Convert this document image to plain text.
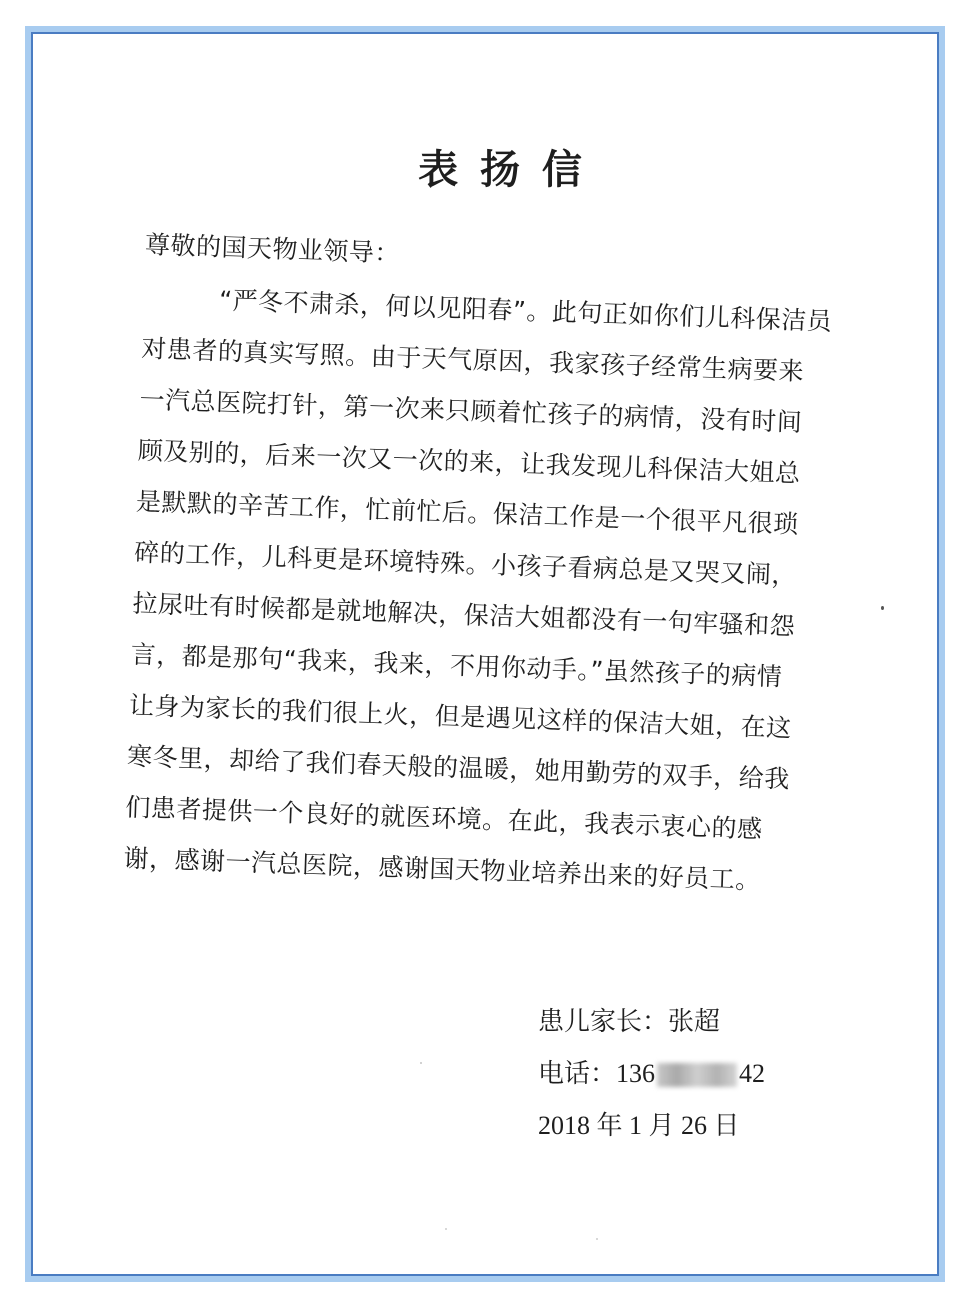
表 扬 信
尊敬的国天物业领导：
“严冬不肃杀，何以见阳春”。此句正如你们儿科保洁员
对患者的真实写照。由于天气原因，我家孩子经常生病要来
一汽总医院打针，第一次来只顾着忙孩子的病情，没有时间
顾及别的，后来一次又一次的来，让我发现儿科保洁大姐总
是默默的辛苦工作，忙前忙后。保洁工作是一个很平凡很琐
碎的工作，儿科更是环境特殊。小孩子看病总是又哭又闹，
拉尿吐有时候都是就地解决，保洁大姐都没有一句牢骚和怨
言，都是那句“我来，我来，不用你动手。”虽然孩子的病情
让身为家长的我们很上火，但是遇见这样的保洁大姐，在这
寒冬里，却给了我们春天般的温暖，她用勤劳的双手，给我
们患者提供一个良好的就医环境。在此，我表示衷心的感
谢，感谢一汽总医院，感谢国天物业培养出来的好员工。
患儿家长：张超
电话：136	42
2018 年 1 月 26 日
